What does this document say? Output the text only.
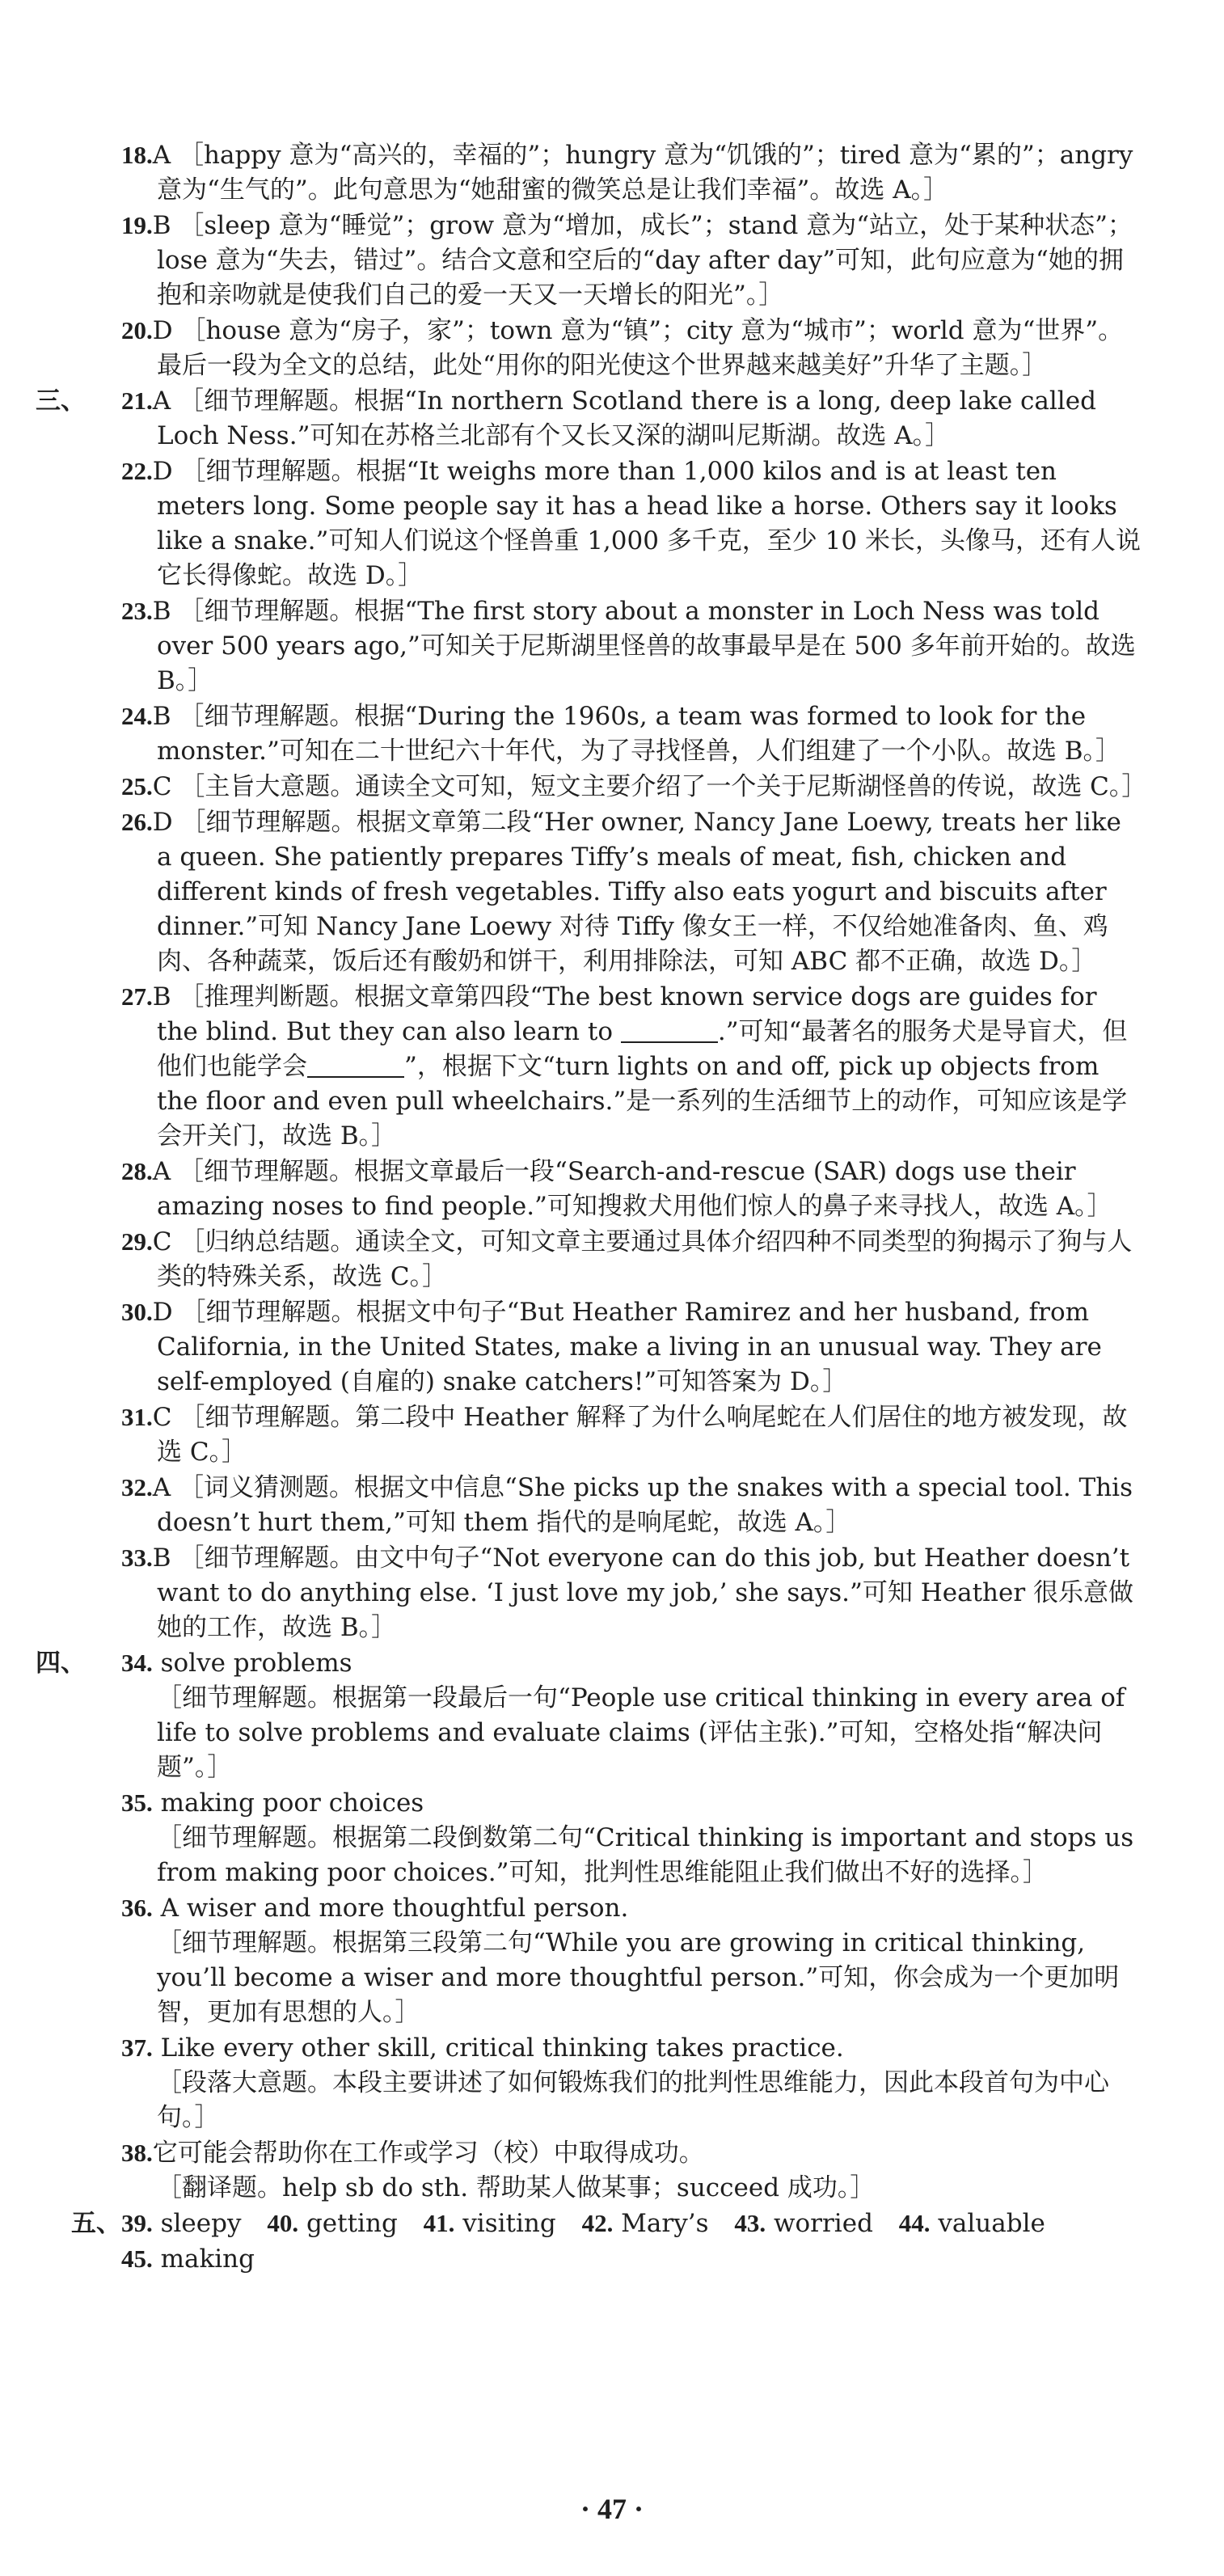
18.A ［happy 意为“高兴的，幸福的”；hungry 意为“饥饿的”；tired 意为“累的”；angry 意为“生气的”。此句意思为“她甜蜜的微笑总是让我们幸福”。故选 A。］

19.B ［sleep 意为“睡觉”；grow 意为“增加，成长”；stand 意为“站立，处于某种状态”；lose 意为“失去，错过”。结合文意和空后的“day after day”可知，此句应意为“她的拥抱和亲吻就是使我们自己的爱一天又一天增长的阳光”。］

20.D ［house 意为“房子，家”；town 意为“镇”；city 意为“城市”；world 意为“世界”。最后一段为全文的总结，此处“用你的阳光使这个世界越来越美好”升华了主题。］

三、 21.A ［细节理解题。根据“In northern Scotland there is a long, deep lake called Loch Ness.”可知在苏格兰北部有个又长又深的湖叫尼斯湖。故选 A。］

22.D ［细节理解题。根据“It weighs more than 1,000 kilos and is at least ten meters long. Some people say it has a head like a horse. Others say it looks like a snake.”可知人们说这个怪兽重 1,000 多千克，至少 10 米长，头像马，还有人说它长得像蛇。故选 D。］

23.B ［细节理解题。根据“The first story about a monster in Loch Ness was told over 500 years ago,”可知关于尼斯湖里怪兽的故事最早是在 500 多年前开始的。故选 B。］

24.B ［细节理解题。根据“During the 1960s, a team was formed to look for the monster.”可知在二十世纪六十年代，为了寻找怪兽，人们组建了一个小队。故选 B。］

25.C ［主旨大意题。通读全文可知，短文主要介绍了一个关于尼斯湖怪兽的传说，故选 C。］

26.D ［细节理解题。根据文章第二段“Her owner, Nancy Jane Loewy, treats her like a queen. She patiently prepares Tiffy’s meals of meat, fish, chicken and different kinds of fresh vegetables. Tiffy also eats yogurt and biscuits after dinner.”可知 Nancy Jane Loewy 对待 Tiffy 像女王一样，不仅给她准备肉、鱼、鸡肉、各种蔬菜，饭后还有酸奶和饼干，利用排除法，可知 ABC 都不正确，故选 D。］

27.B ［推理判断题。根据文章第四段“The best known service dogs are guides for the blind. But they can also learn to	.”可知“最著名的服务犬是导盲犬，但他们也能学会	”，根据下文“turn lights on and off, pick up objects from the floor and even pull wheelchairs.”是一系列的生活细节上的动作，可知应该是学会开关门，故选 B。］

28.A ［细节理解题。根据文章最后一段“Search-and-rescue (SAR) dogs use their amazing noses to find people.”可知搜救犬用他们惊人的鼻子来寻找人，故选 A。］

29.C ［归纳总结题。通读全文，可知文章主要通过具体介绍四种不同类型的狗揭示了狗与人类的特殊关系，故选 C。］

30.D ［细节理解题。根据文中句子“But Heather Ramirez and her husband, from California, in the United States, make a living in an unusual way. They are self-employed (自雇的) snake catchers!”可知答案为 D。］

31.C ［细节理解题。第二段中 Heather 解释了为什么响尾蛇在人们居住的地方被发现，故选 C。］

32.A ［词义猜测题。根据文中信息“She picks up the snakes with a special tool. This doesn’t hurt them,”可知 them 指代的是响尾蛇，故选 A。］

33.B ［细节理解题。由文中句子“Not everyone can do this job, but Heather doesn’t want to do anything else. ‘I just love my job,’ she says.”可知 Heather 很乐意做她的工作，故选 B。］

四、 34. solve problems

［细节理解题。根据第一段最后一句“People use critical thinking in every area of life to solve problems and evaluate claims (评估主张).”可知，空格处指“解决问题”。］

35. making poor choices

［细节理解题。根据第二段倒数第二句“Critical thinking is important and stops us from making poor choices.”可知，批判性思维能阻止我们做出不好的选择。］

36. A wiser and more thoughtful person.

［细节理解题。根据第三段第二句“While you are growing in critical thinking, you’ll become a wiser and more thoughtful person.”可知，你会成为一个更加明智，更加有思想的人。］

37. Like every other skill, critical thinking takes practice.

［段落大意题。本段主要讲述了如何锻炼我们的批判性思维能力，因此本段首句为中心句。］

38.它可能会帮助你在工作或学习（校）中取得成功。

［翻译题。help sb do sth. 帮助某人做某事；succeed 成功。］

五、 39. sleepy 40. getting 41. visiting 42. Mary’s 43. worried 44. valuable
45. making

· 47 ·
